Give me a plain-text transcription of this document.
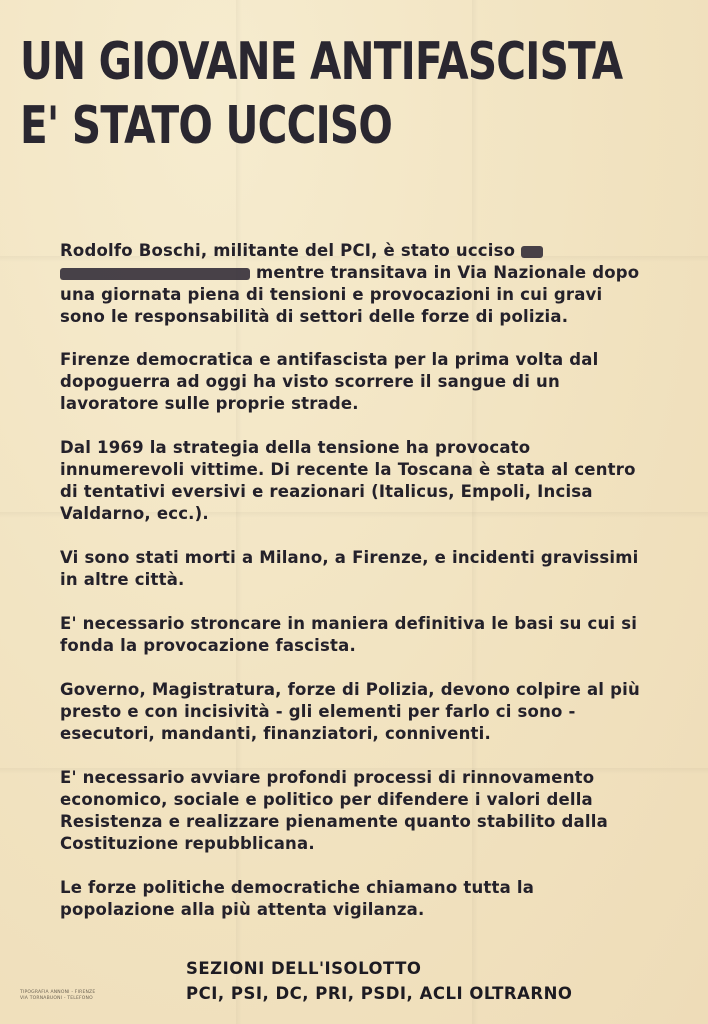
UN GIOVANE ANTIFASCISTA
E' STATO UCCISO

Rodolfo Boschi, militante del PCI, è stato ucciso
mentre transitava in Via Nazionale dopo una giornata piena di tensioni e provocazioni in cui gravi sono le responsabilità di settori delle forze di polizia.

Firenze democratica e antifascista per la prima volta dal dopoguerra ad oggi ha visto scorrere il sangue di un lavoratore sulle proprie strade.

Dal 1969 la strategia della tensione ha provocato innumerevoli vittime. Di recente la Toscana è stata al centro di tentativi eversivi e reazionari (Italicus, Empoli, Incisa Valdarno, ecc.).

Vi sono stati morti a Milano, a Firenze, e incidenti gravissimi in altre città.

E' necessario stroncare in maniera definitiva le basi su cui si fonda la provocazione fascista.

Governo, Magistratura, forze di Polizia, devono colpire al più presto e con incisività - gli elementi per farlo ci sono - esecutori, mandanti, finanziatori, conniventi.

E' necessario avviare profondi processi di rinnovamento economico, sociale e politico per difendere i valori della Resistenza e realizzare pienamente quanto stabilito dalla Costituzione repubblicana.

Le forze politiche democratiche chiamano tutta la popolazione alla più attenta vigilanza.

TIPOGRAFIA ANNONI - FIRENZE
VIA TORNABUONI - TELEFONO
SEZIONI DELL'ISOLOTTO
PCI, PSI, DC, PRI, PSDI, ACLI OLTRARNO
